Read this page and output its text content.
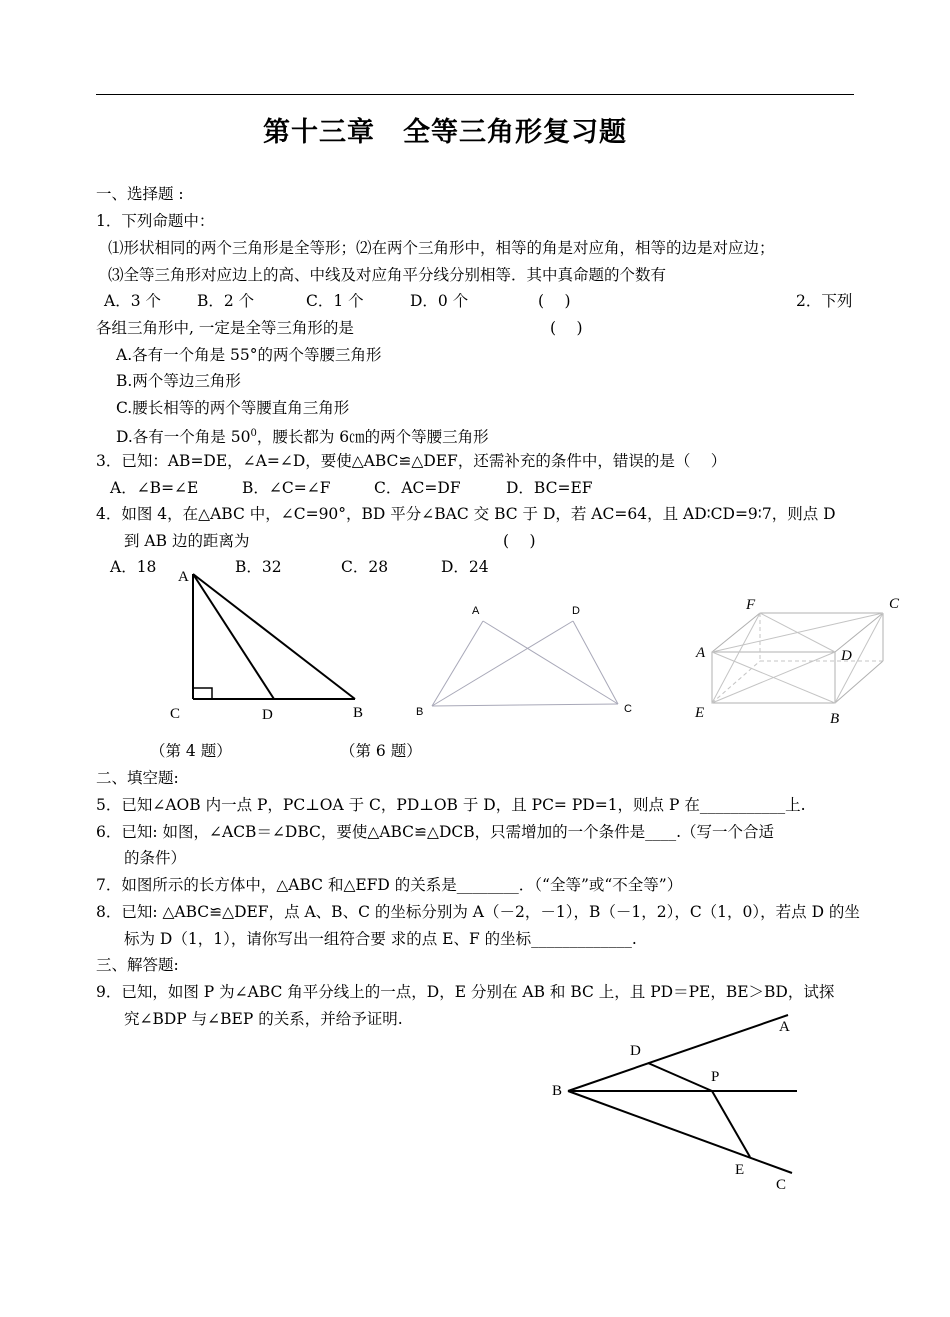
第十三章　全等三角形复习题
一、选择题 :
1．下列命题中：
⑴形状相同的两个三角形是全等形；⑵在两个三角形中，相等的角是对应角，相等的边是对应边；
⑶全等三角形对应边上的高、中线及对应角平分线分别相等．其中真命题的个数有
A．3 个 B．2 个	C．1 个	D．0 个	(　 )	2．下列
各组三角形中, 一定是全等三角形的是	(　 )
A.各有一个角是 55°的两个等腰三角形
B.两个等边三角形
C.腰长相等的两个等腰直角三角形
D.各有一个角是 $50^0$，腰长都为 6㎝的两个等腰三角形
3．已知：AB=DE，∠A=∠D，要使△ABC≌△DEF，还需补充的条件中，错误的是（　 ）
A．∠B=∠E	B．∠C=∠F	C．AC=DF	D．BC=EF
4．如图 4，在△ABC 中，∠C=90°，BD 平分∠BAC 交 BC 于 D，若 AC=64，且 AD∶CD=9∶7，则点 D
到 AB 边的距离为	(　 )
A．18	B．32	C．28	D．24
A
C	D	B
A	D
B	C
F	C
A	D
E	B
（第 4 题）	（第 6 题）
二、填空题:
5．已知∠AOB 内一点 P，PC⊥OA 于 C，PD⊥OB 于 D，且 PC= PD=1，则点 P 在___________上.
6．已知: 如图，∠ACB＝∠DBC，要使△ABC≌△DCB，只需增加的一个条件是____.（写一个合适
的条件）
7．如图所示的长方体中，△ABC 和△EFD 的关系是________．（“全等”或“不全等”）
8．已知: △ABC≌△DEF，点 A、B、C 的坐标分别为 A（－2，－1），B（－1，2），C（1，0），若点 D 的坐
标为 D（1，1），请你写出一组符合要 求的点 E、F 的坐标_____________.
三、解答题:
9．已知，如图 P 为∠ABC 角平分线上的一点，D，E 分别在 AB 和 BC 上，且 PD＝PE，BE＞BD，试探
究∠BDP 与∠BEP 的关系，并给予证明.	A
D
P
B
E
C
